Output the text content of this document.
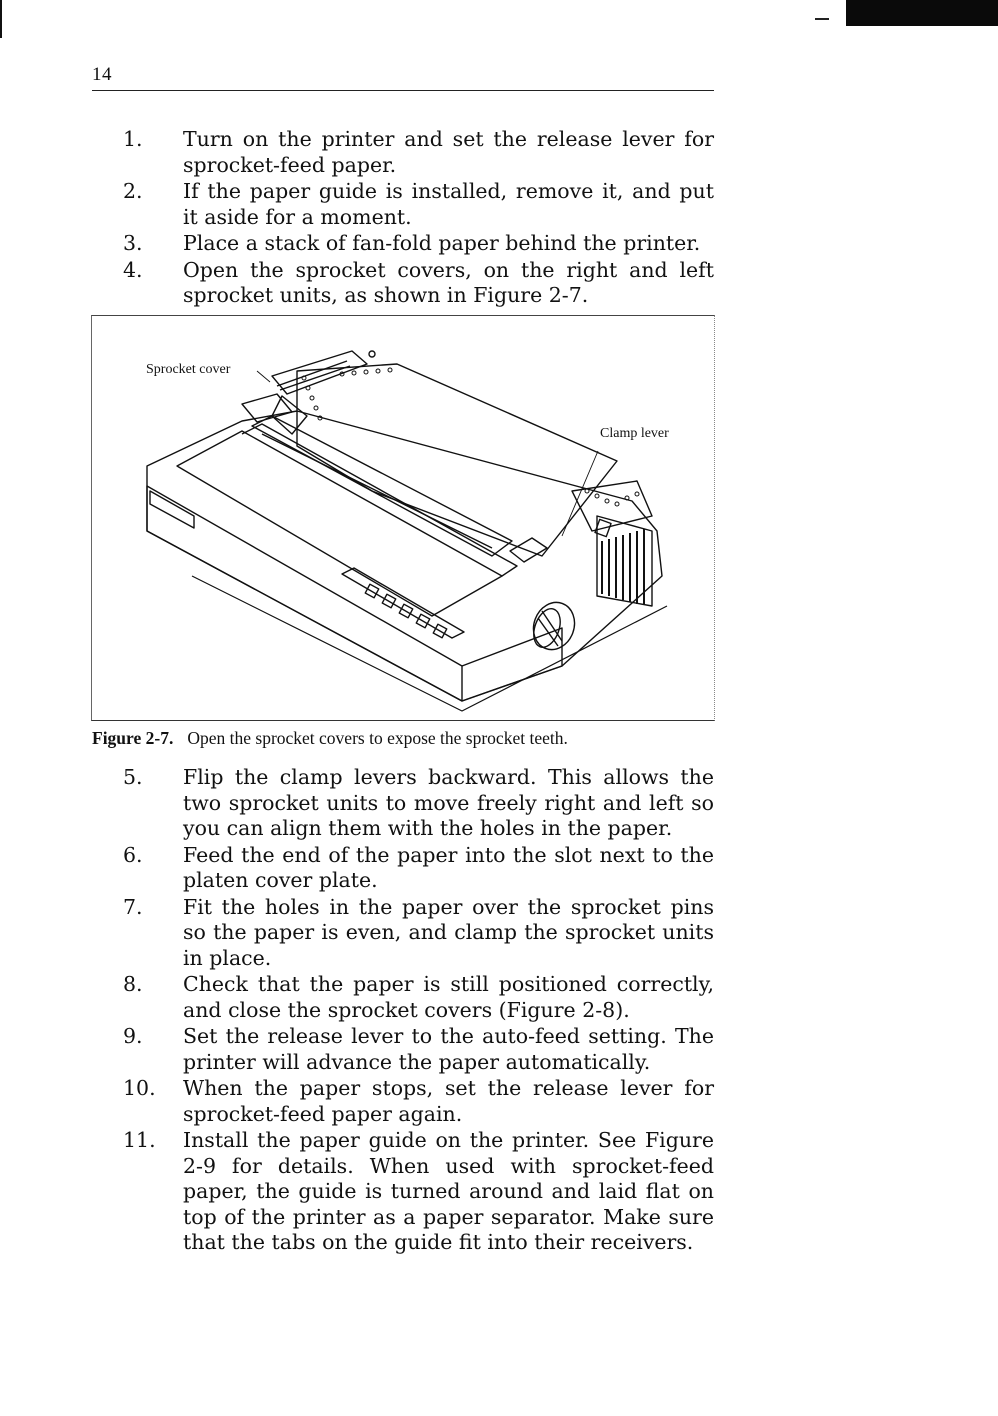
14
1.	Turn on the printer and set the release lever for sprocket-feed paper.
2.	If the paper guide is installed, remove it, and put it aside for a moment.
3.	Place a stack of fan-fold paper behind the printer.
4.	Open the sprocket covers, on the right and left sprocket units, as shown in Figure 2-7.
Sprocket cover
Clamp lever
Figure 2-7. Open the sprocket covers to expose the sprocket teeth.
5.	Flip the clamp levers backward. This allows the two sprocket units to move freely right and left so you can align them with the holes in the paper.
6.	Feed the end of the paper into the slot next to the platen cover plate.
7.	Fit the holes in the paper over the sprocket pins so the paper is even, and clamp the sprocket units in place.
8.	Check that the paper is still positioned correctly, and close the sprocket covers (Figure 2-8).
9.	Set the release lever to the auto-feed setting. The printer will advance the paper automatically.
10.	When the paper stops, set the release lever for sprocket-feed paper again.
11.	Install the paper guide on the printer. See Figure 2-9 for details. When used with sprocket-feed paper, the guide is turned around and laid flat on top of the printer as a paper separator. Make sure that the tabs on the guide fit into their receivers.
